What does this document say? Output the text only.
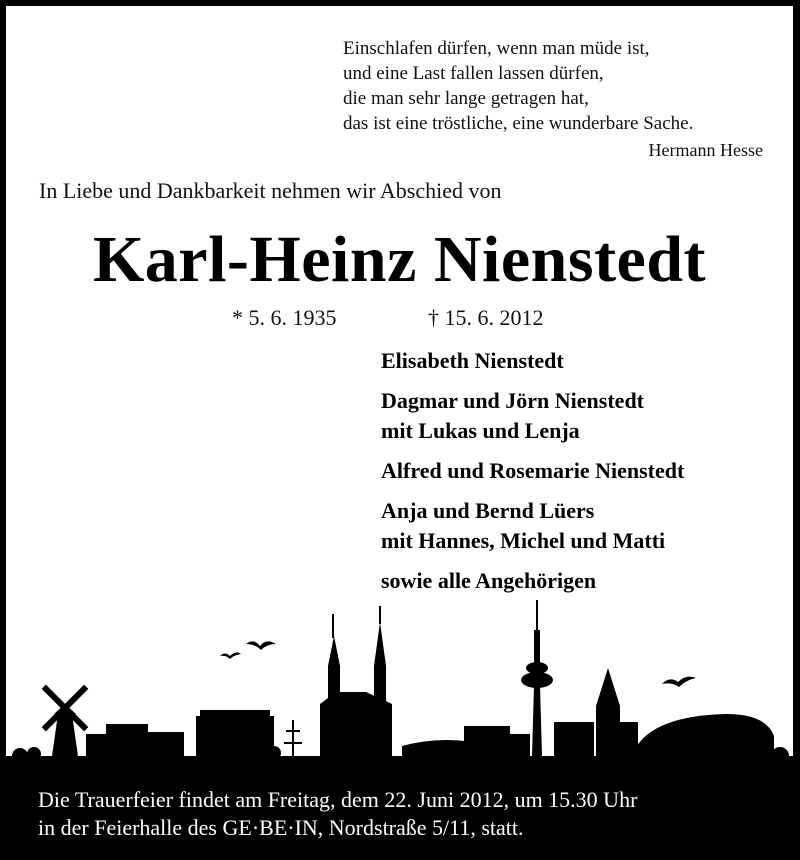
Einschlafen dürfen, wenn man müde ist,
und eine Last fallen lassen dürfen,
die man sehr lange getragen hat,
das ist eine tröstliche, eine wunderbare Sache.
Hermann Hesse
In Liebe und Dankbarkeit nehmen wir Abschied von
Karl-Heinz Nienstedt
* 5. 6. 1935	† 15. 6. 2012
Elisabeth Nienstedt
Dagmar und Jörn Nienstedt
mit Lukas und Lenja
Alfred und Rosemarie Nienstedt
Anja und Bernd Lüers
mit Hannes, Michel und Matti
sowie alle Angehörigen
Die Trauerfeier findet am Freitag, dem 22. Juni 2012, um 15.30 Uhr
in der Feierhalle des GE·BE·IN, Nordstraße 5/11, statt.
